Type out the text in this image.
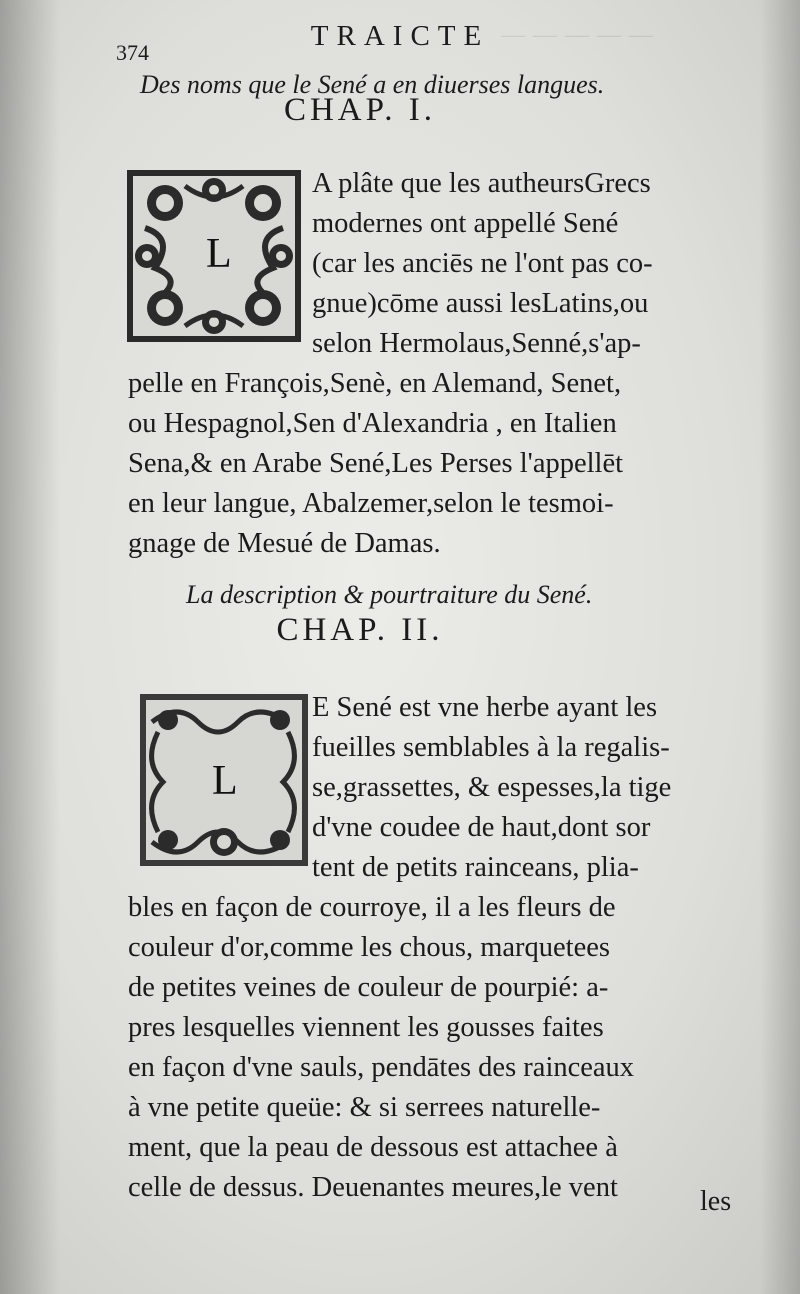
— — — — —
374
TRAICTE
Des noms que le Sené a en diuerses langues.
CHAP. I.
L
A plâte que les autheursGrecs
modernes ont appellé Sené
(car les anciēs ne l'ont pas co-
gnue)cōme aussi lesLatins,ou
selon Hermolaus,Senné,s'ap-
pelle en François,Senè, en Alemand, Senet,
ou Hespagnol,Sen d'Alexandria , en Italien
Sena,& en Arabe Sené,Les Perses l'appellēt
en leur langue, Abalzemer,selon le tesmoi-
gnage de Mesué de Damas.
La description & pourtraiture du Sené.
CHAP. II.
L
E Sené est vne herbe ayant les
fueilles semblables à la regalis-
se,grassettes, & espesses,la tige
d'vne coudee de haut,dont sor
tent de petits rainceans, plia-
bles en façon de courroye, il a les fleurs de
couleur d'or,comme les chous, marquetees
de petites veines de couleur de pourpié: a-
pres lesquelles viennent les gousses faites
en façon d'vne sauls, pendātes des rainceaux
à vne petite queüe: & si serrees naturelle-
ment, que la peau de dessous est attachee à
celle de dessus. Deuenantes meures,le vent	les
